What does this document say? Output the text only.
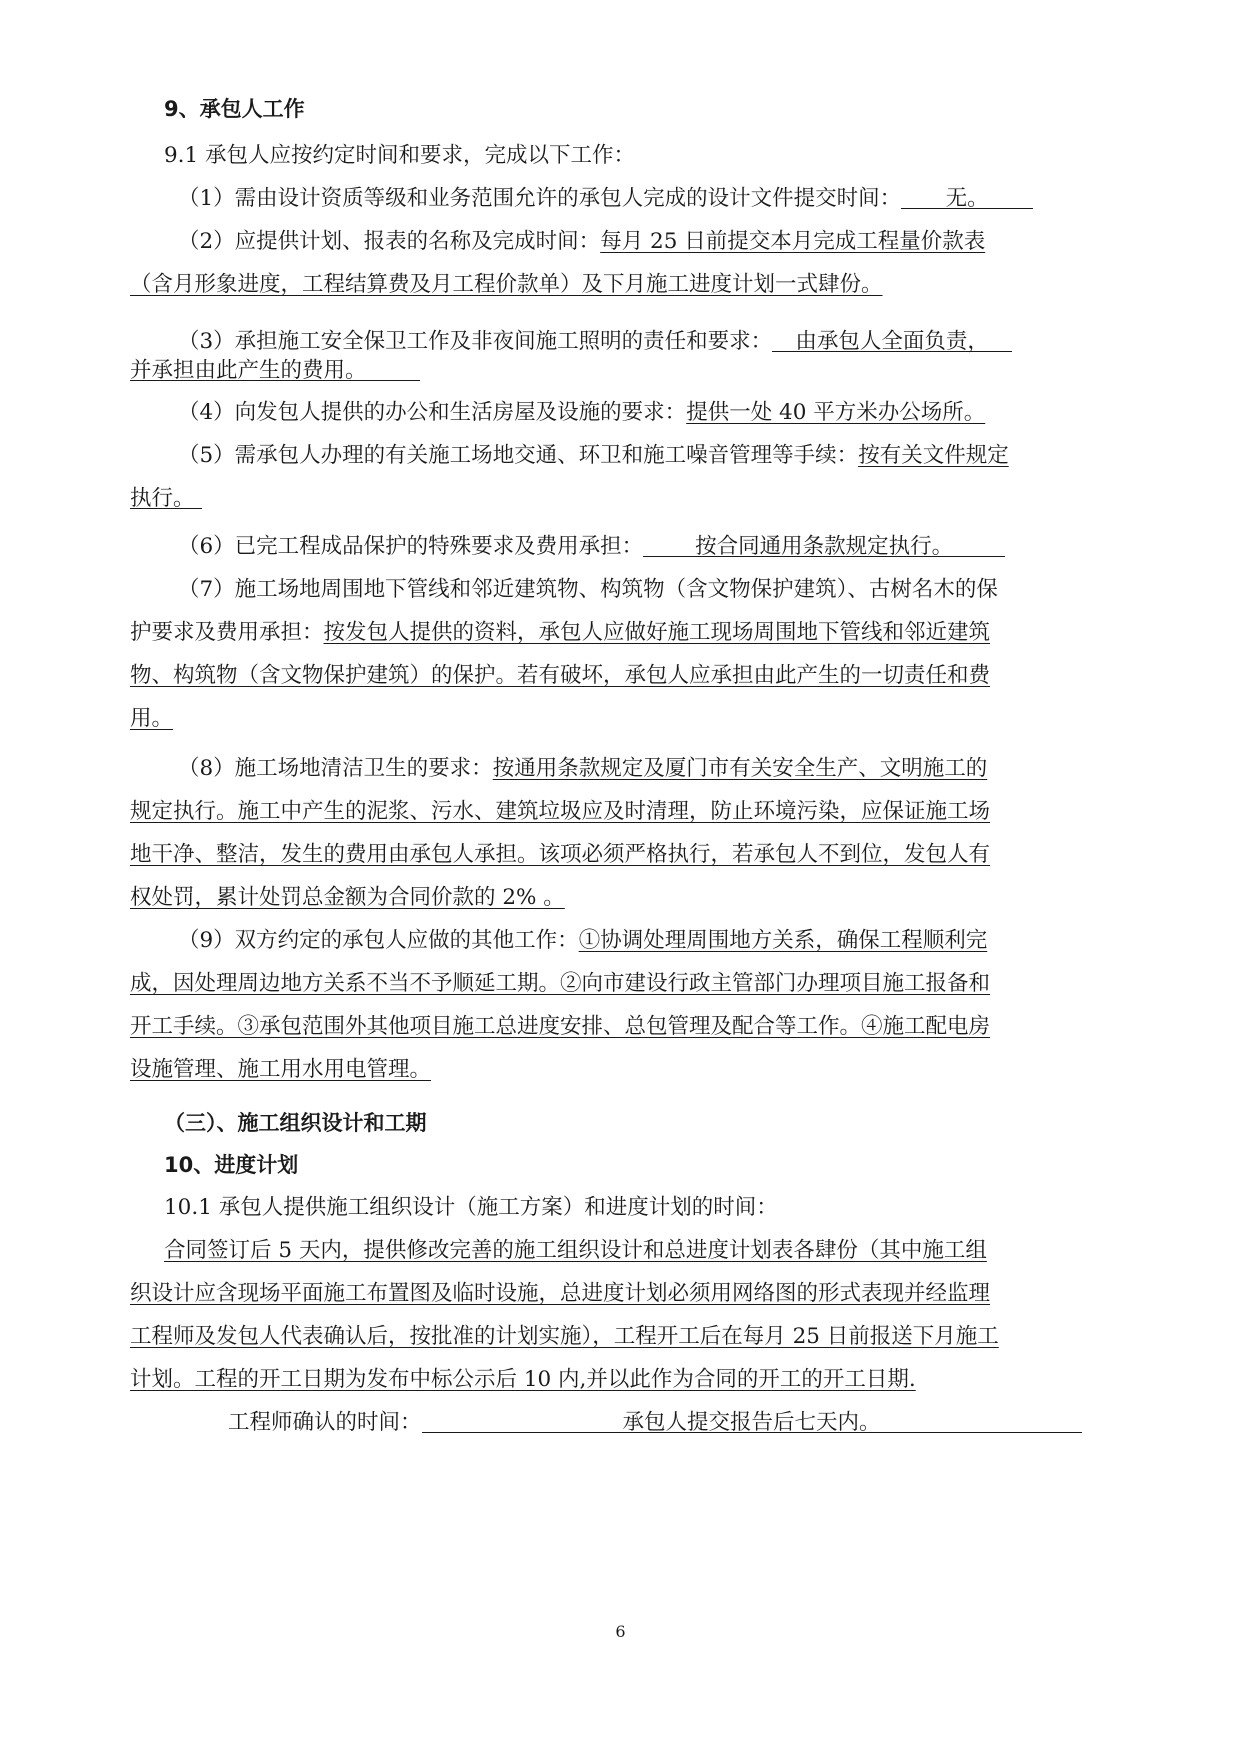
9、承包人工作
9.1 承包人应按约定时间和要求，完成以下工作：
（1）需由设计资质等级和业务范围允许的承包人完成的设计文件提交时间： 无。
（2）应提供计划、报表的名称及完成时间：每月 25 日前提交本月完成工程量价款表
（含月形象进度，工程结算费及月工程价款单）及下月施工进度计划一式肆份。
（3）承担施工安全保卫工作及非夜间施工照明的责任和要求： 由承包人全面负责，
并承担由此产生的费用。
（4）向发包人提供的办公和生活房屋及设施的要求：提供一处 40 平方米办公场所。
（5）需承包人办理的有关施工场地交通、环卫和施工噪音管理等手续：按有关文件规定
执行。
（6）已完工程成品保护的特殊要求及费用承担： 按合同通用条款规定执行。
（7）施工场地周围地下管线和邻近建筑物、构筑物（含文物保护建筑）、古树名木的保
护要求及费用承担：按发包人提供的资料，承包人应做好施工现场周围地下管线和邻近建筑
物、构筑物（含文物保护建筑）的保护。若有破坏，承包人应承担由此产生的一切责任和费
用。
（8）施工场地清洁卫生的要求：按通用条款规定及厦门市有关安全生产、文明施工的
规定执行。施工中产生的泥浆、污水、建筑垃圾应及时清理，防止环境污染，应保证施工场
地干净、整洁，发生的费用由承包人承担。该项必须严格执行，若承包人不到位，发包人有
权处罚，累计处罚总金额为合同价款的 2% 。
（9）双方约定的承包人应做的其他工作：①协调处理周围地方关系，确保工程顺利完
成，因处理周边地方关系不当不予顺延工期。②向市建设行政主管部门办理项目施工报备和
开工手续。③承包范围外其他项目施工总进度安排、总包管理及配合等工作。④施工配电房
设施管理、施工用水用电管理。
（三）、施工组织设计和工期
10、进度计划
10.1 承包人提供施工组织设计（施工方案）和进度计划的时间：
合同签订后 5 天内，提供修改完善的施工组织设计和总进度计划表各肆份（其中施工组
织设计应含现场平面施工布置图及临时设施，总进度计划必须用网络图的形式表现并经监理
工程师及发包人代表确认后，按批准的计划实施），工程开工后在每月 25 日前报送下月施工
计划。工程的开工日期为发布中标公示后 10 内,并以此作为合同的开工的开工日期.
工程师确认的时间：	承包人提交报告后七天内。
6
